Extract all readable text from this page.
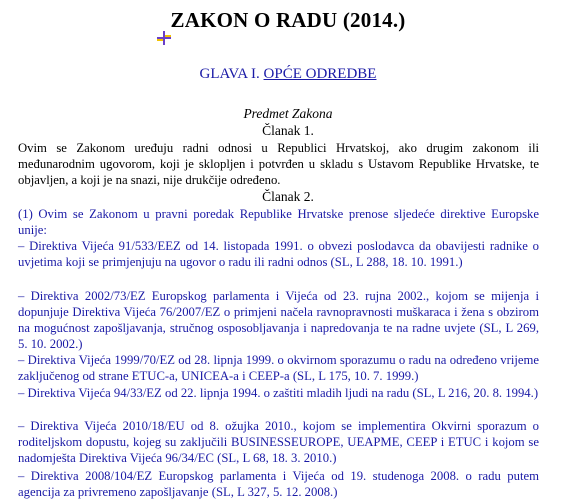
ZAKON O RADU (2014.)
GLAVA I. OPĆE ODREDBE
Predmet Zakona
Članak 1.
Ovim se Zakonom uređuju radni odnosi u Republici Hrvatskoj, ako drugim zakonom ili međunarodnim ugovorom, koji je sklopljen i potvrđen u skladu s Ustavom Republike Hrvatske, te objavljen, a koji je na snazi, nije drukčije određeno.
Članak 2.
(1) Ovim se Zakonom u pravni poredak Republike Hrvatske prenose sljedeće direktive Europske unije:
– Direktiva Vijeća 91/533/EEZ od 14. listopada 1991. o obvezi poslodavca da obavijesti radnike o uvjetima koji se primjenjuju na ugovor o radu ili radni odnos (SL, L 288, 18. 10. 1991.)
– Direktiva 2002/73/EZ Europskog parlamenta i Vijeća od 23. rujna 2002., kojom se mijenja i dopunjuje Direktiva Vijeća 76/2007/EZ o primjeni načela ravnopravnosti muškaraca i žena s obzirom na mogućnost zapošljavanja, stručnog osposobljavanja i napredovanja te na radne uvjete (SL, L 269, 5. 10. 2002.)
– Direktiva Vijeća 1999/70/EZ od 28. lipnja 1999. o okvirnom sporazumu o radu na određeno vrijeme zaključenog od strane ETUC-a, UNICEA-a i CEEP-a (SL, L 175, 10. 7. 1999.)
– Direktiva Vijeća 94/33/EZ od 22. lipnja 1994. o zaštiti mladih ljudi na radu (SL, L 216, 20. 8. 1994.)
– Direktiva Vijeća 2010/18/EU od 8. ožujka 2010., kojom se implementira Okvirni sporazum o roditeljskom dopustu, kojeg su zaključili BUSINESSEUROPE, UEAPME, CEEP i ETUC i kojom se nadomješta Direktiva Vijeća 96/34/EC (SL, L 68, 18. 3. 2010.)
– Direktiva 2008/104/EZ Europskog parlamenta i Vijeća od 19. studenoga 2008. o radu putem agencija za privremeno zapošljavanje (SL, L 327, 5. 12. 2008.)
